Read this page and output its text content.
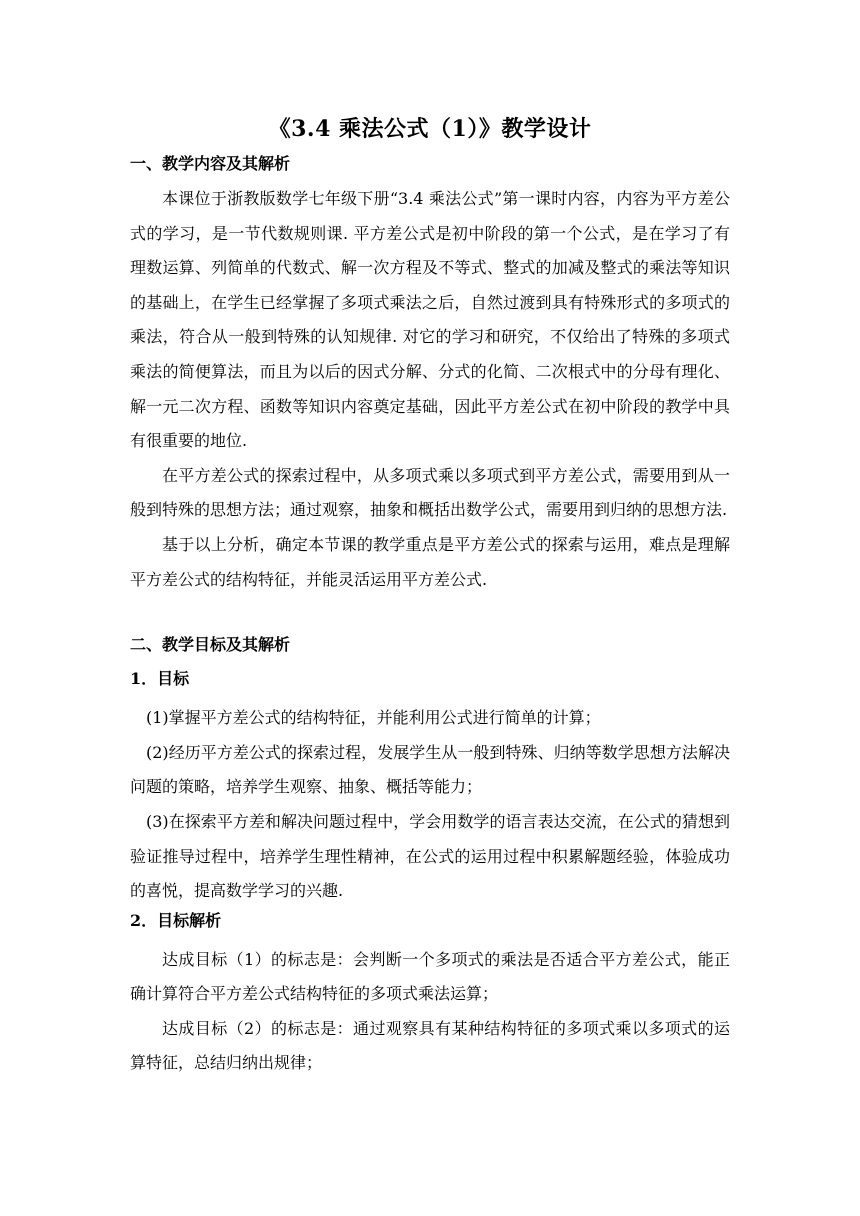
《3.4 乘法公式（1）》教学设计
一、教学内容及其解析

本课位于浙教版数学七年级下册“3.4 乘法公式”第一课时内容，内容为平方差公式的学习，是一节代数规则课. 平方差公式是初中阶段的第一个公式，是在学习了有理数运算、列简单的代数式、解一次方程及不等式、整式的加减及整式的乘法等知识的基础上，在学生已经掌握了多项式乘法之后，自然过渡到具有特殊形式的多项式的乘法，符合从一般到特殊的认知规律. 对它的学习和研究，不仅给出了特殊的多项式乘法的简便算法，而且为以后的因式分解、分式的化简、二次根式中的分母有理化、解一元二次方程、函数等知识内容奠定基础，因此平方差公式在初中阶段的教学中具有很重要的地位.

在平方差公式的探索过程中，从多项式乘以多项式到平方差公式，需要用到从一般到特殊的思想方法；通过观察，抽象和概括出数学公式，需要用到归纳的思想方法.

基于以上分析，确定本节课的教学重点是平方差公式的探索与运用，难点是理解平方差公式的结构特征，并能灵活运用平方差公式.

二、教学目标及其解析
1．目标

(1)掌握平方差公式的结构特征，并能利用公式进行简单的计算；

(2)经历平方差公式的探索过程，发展学生从一般到特殊、归纳等数学思想方法解决问题的策略，培养学生观察、抽象、概括等能力；

(3)在探索平方差和解决问题过程中，学会用数学的语言表达交流，在公式的猜想到验证推导过程中，培养学生理性精神，在公式的运用过程中积累解题经验，体验成功的喜悦，提高数学学习的兴趣.

2．目标解析

达成目标（1）的标志是：会判断一个多项式的乘法是否适合平方差公式，能正确计算符合平方差公式结构特征的多项式乘法运算；

达成目标（2）的标志是：通过观察具有某种结构特征的多项式乘以多项式的运算特征，总结归纳出规律；
